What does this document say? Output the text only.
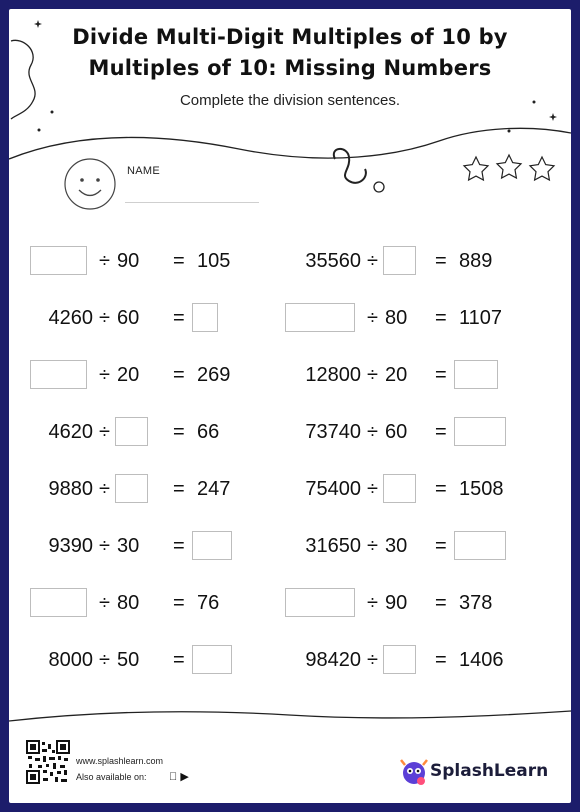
Divide Multi-Digit Multiples of 10 by
Multiples of 10: Missing Numbers
Complete the division sentences.
NAME
÷ 90 = 105	35560 ÷	= 889
4260 ÷ 60 =	÷ 80 = 1107
÷ 20 = 269	12800 ÷ 20 =
4620 ÷	= 66	73740 ÷ 60 =
9880 ÷	= 247	75400 ÷	= 1508
9390 ÷ 30 =	31650 ÷ 30 =
÷ 80 = 76	÷ 90 = 378
8000 ÷ 50 =	98420 ÷	= 1406
www.splashlearn.com
Also available on: ▶	SplashLearn
